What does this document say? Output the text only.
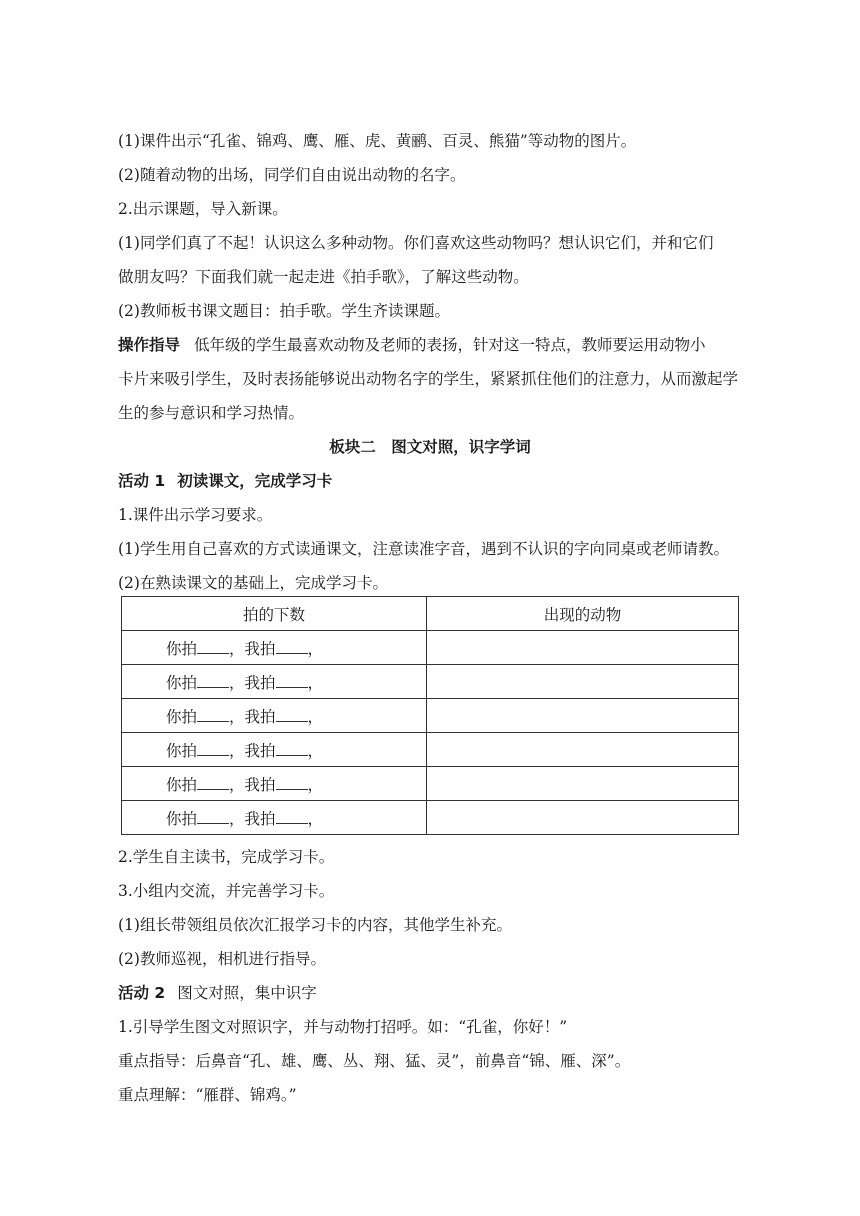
(1)课件出示“孔雀、锦鸡、鹰、雁、虎、黄鹂、百灵、熊猫”等动物的图片。
(2)随着动物的出场，同学们自由说出动物的名字。
2.出示课题，导入新课。
(1)同学们真了不起！认识这么多种动物。你们喜欢这些动物吗？想认识它们，并和它们
做朋友吗？下面我们就一起走进《拍手歌》，了解这些动物。
(2)教师板书课文题目：拍手歌。学生齐读课题。
操作指导 低年级的学生最喜欢动物及老师的表扬，针对这一特点，教师要运用动物小
卡片来吸引学生，及时表扬能够说出动物名字的学生，紧紧抓住他们的注意力，从而激起学
生的参与意识和学习热情。
板块二　图文对照，识字学词
活动 1 初读课文，完成学习卡
1.课件出示学习要求。
(1)学生用自己喜欢的方式读通课文，注意读准字音，遇到不认识的字向同桌或老师请教。
(2)在熟读课文的基础上，完成学习卡。
拍的下数	出现的动物
你拍 ，我拍 ，	
你拍 ，我拍 ，	
你拍 ，我拍 ，	
你拍 ，我拍 ，	
你拍 ，我拍 ，	
你拍 ，我拍 ，	
2.学生自主读书，完成学习卡。
3.小组内交流，并完善学习卡。
(1)组长带领组员依次汇报学习卡的内容，其他学生补充。
(2)教师巡视，相机进行指导。
活动 2 图文对照，集中识字
1.引导学生图文对照识字，并与动物打招呼。如：“孔雀，你好！”
重点指导：后鼻音“孔、雄、鹰、丛、翔、猛、灵”，前鼻音“锦、雁、深”。
重点理解：“雁群、锦鸡。”
